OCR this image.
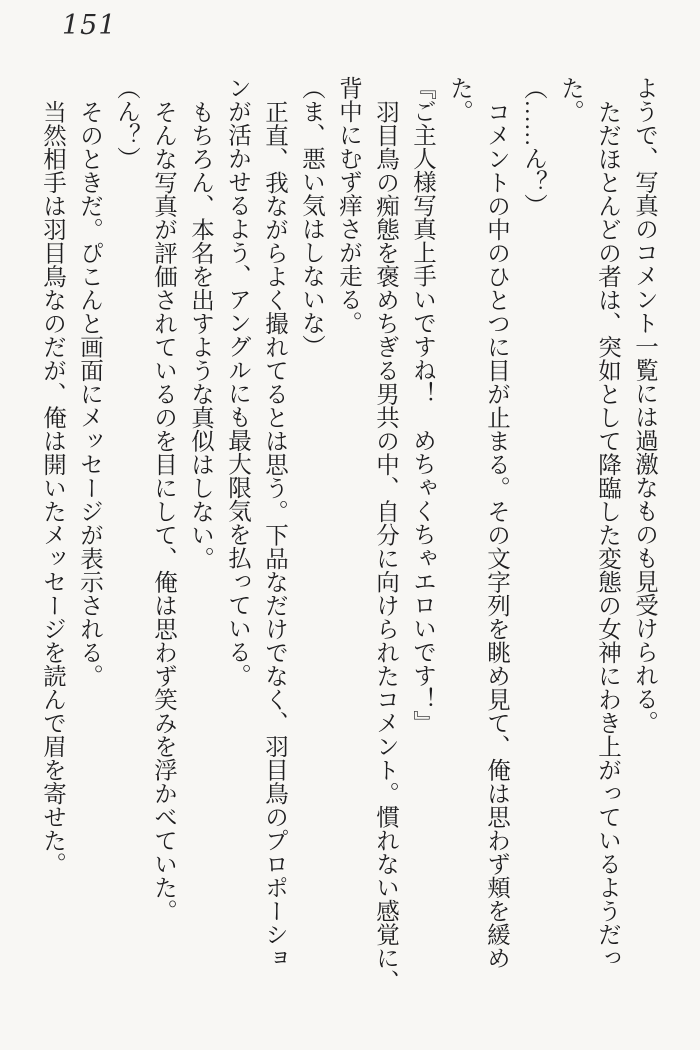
151
ようで、写真のコメント一覧には過激なものも見受けられる。
ただほとんどの者は、突如として降臨した変態の女神にわき上がっているようだっ
た。
（……ん？）
コメントの中のひとつに目が止まる。その文字列を眺め見て、俺は思わず頬を緩め
た。
『ご主人様写真上手いですね！　めちゃくちゃエロいです！』
羽目鳥の痴態を褒めちぎる男共の中、自分に向けられたコメント。慣れない感覚に、
背中にむず痒さが走る。
（ま、悪い気はしないな）
正直、我ながらよく撮れてるとは思う。下品なだけでなく、羽目鳥のプロポーショ
ンが活かせるよう、アングルにも最大限気を払っている。
もちろん、本名を出すような真似はしない。
そんな写真が評価されているのを目にして、俺は思わず笑みを浮かべていた。
（ん？）
そのときだ。ぴこんと画面にメッセージが表示される。
当然相手は羽目鳥なのだが、俺は開いたメッセージを読んで眉を寄せた。
